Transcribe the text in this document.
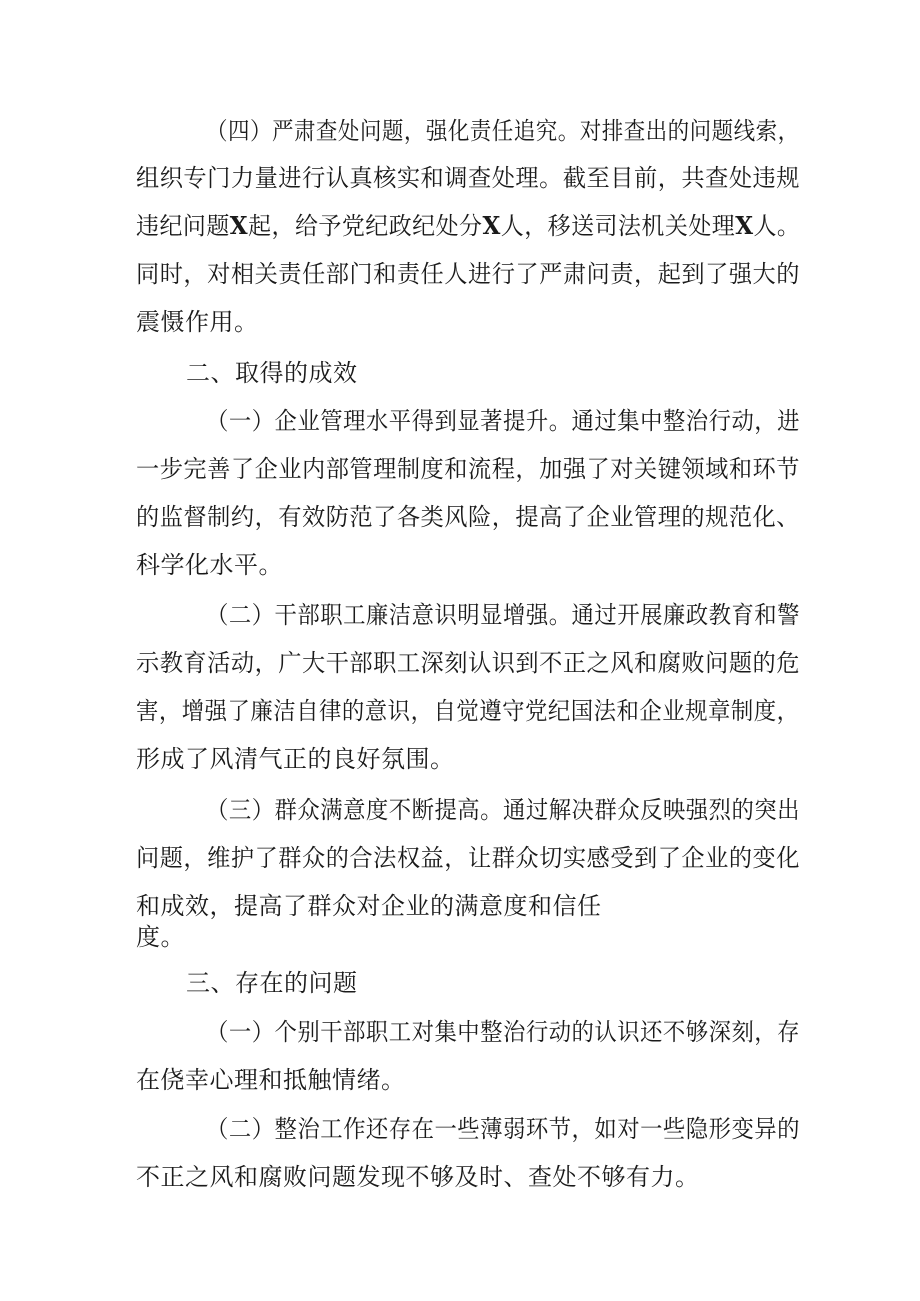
（四）严肃查处问题，强化责任追究。对排查出的问题线索，
组织专门力量进行认真核实和调查处理。截至目前，共查处违规
违纪问题X起，给予党纪政纪处分X人，移送司法机关处理X人。
同时，对相关责任部门和责任人进行了严肃问责，起到了强大的
震慑作用。
二、取得的成效
（一）企业管理水平得到显著提升。通过集中整治行动，进
一步完善了企业内部管理制度和流程，加强了对关键领域和环节
的监督制约，有效防范了各类风险，提高了企业管理的规范化、
科学化水平。
（二）干部职工廉洁意识明显增强。通过开展廉政教育和警
示教育活动，广大干部职工深刻认识到不正之风和腐败问题的危
害，增强了廉洁自律的意识，自觉遵守党纪国法和企业规章制度，
形成了风清气正的良好氛围。
（三）群众满意度不断提高。通过解决群众反映强烈的突出
问题，维护了群众的合法权益，让群众切实感受到了企业的变化
和成效，提高了群众对企业的满意度和信任
度。
三、存在的问题
（一）个别干部职工对集中整治行动的认识还不够深刻，存
在侥幸心理和抵触情绪。
（二）整治工作还存在一些薄弱环节，如对一些隐形变异的
不正之风和腐败问题发现不够及时、查处不够有力。
